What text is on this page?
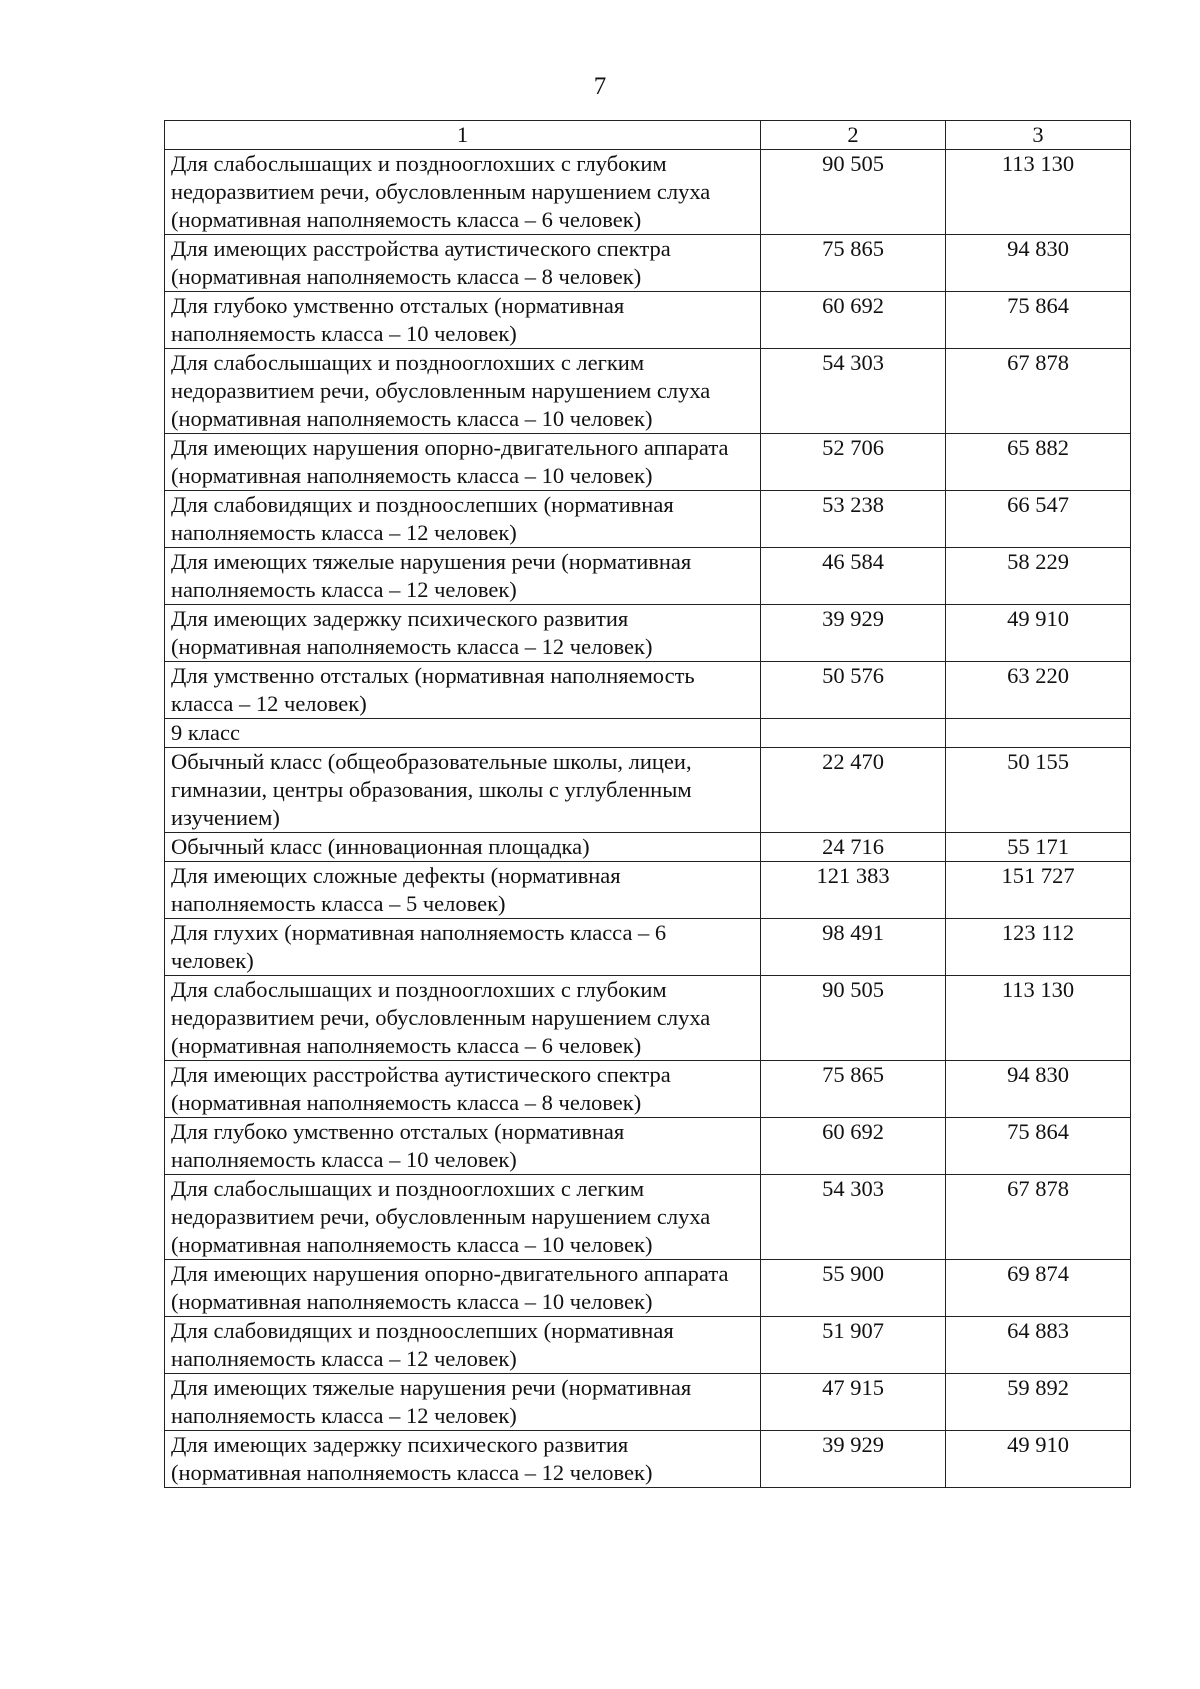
7
1	2	3
Для слабослышащих и позднооглохших с глубоким недоразвитием речи, обусловленным нарушением слуха (нормативная наполняемость класса – 6 человек)	90 505	113 130
Для имеющих расстройства аутистического спектра (нормативная наполняемость класса – 8 человек)	75 865	94 830
Для глубоко умственно отсталых (нормативная наполняемость класса – 10 человек)	60 692	75 864
Для слабослышащих и позднооглохших с легким недоразвитием речи, обусловленным нарушением слуха (нормативная наполняемость класса – 10 человек)	54 303	67 878
Для имеющих нарушения опорно-двигательного аппарата (нормативная наполняемость класса – 10 человек)	52 706	65 882
Для слабовидящих и поздноослепших (нормативная наполняемость класса – 12 человек)	53 238	66 547
Для имеющих тяжелые нарушения речи (нормативная наполняемость класса – 12 человек)	46 584	58 229
Для имеющих задержку психического развития (нормативная наполняемость класса – 12 человек)	39 929	49 910
Для умственно отсталых (нормативная наполняемость класса – 12 человек)	50 576	63 220
9 класс		
Обычный класс (общеобразовательные школы, лицеи, гимназии, центры образования, школы с углубленным изучением)	22 470	50 155
Обычный класс (инновационная площадка)	24 716	55 171
Для имеющих сложные дефекты (нормативная наполняемость класса – 5 человек)	121 383	151 727
Для глухих (нормативная наполняемость класса – 6 человек)	98 491	123 112
Для слабослышащих и позднооглохших с глубоким недоразвитием речи, обусловленным нарушением слуха (нормативная наполняемость класса – 6 человек)	90 505	113 130
Для имеющих расстройства аутистического спектра (нормативная наполняемость класса – 8 человек)	75 865	94 830
Для глубоко умственно отсталых (нормативная наполняемость класса – 10 человек)	60 692	75 864
Для слабослышащих и позднооглохших с легким недоразвитием речи, обусловленным нарушением слуха (нормативная наполняемость класса – 10 человек)	54 303	67 878
Для имеющих нарушения опорно-двигательного аппарата (нормативная наполняемость класса – 10 человек)	55 900	69 874
Для слабовидящих и поздноослепших (нормативная наполняемость класса – 12 человек)	51 907	64 883
Для имеющих тяжелые нарушения речи (нормативная наполняемость класса – 12 человек)	47 915	59 892
Для имеющих задержку психического развития (нормативная наполняемость класса – 12 человек)	39 929	49 910
